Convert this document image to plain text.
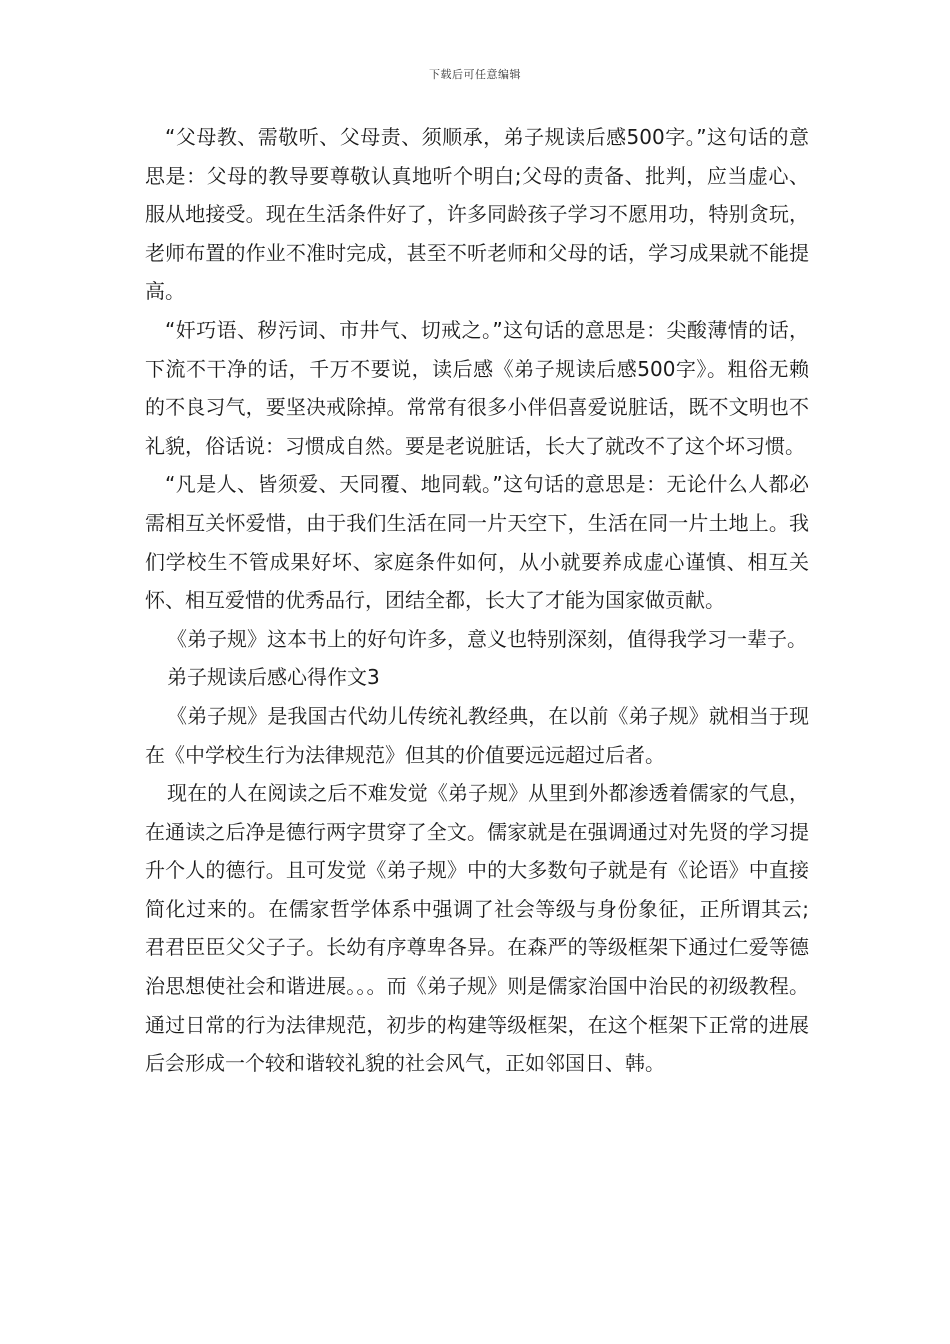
下载后可任意编辑

“父母教、需敬听、父母责、须顺承，弟子规读后感500字。”这句话的意思是：父母的教导要尊敬认真地听个明白;父母的责备、批判，应当虚心、服从地接受。现在生活条件好了，许多同龄孩子学习不愿用功，特别贪玩，老师布置的作业不准时完成，甚至不听老师和父母的话，学习成果就不能提高。

“奸巧语、秽污词、市井气、切戒之。”这句话的意思是：尖酸薄情的话，下流不干净的话，千万不要说，读后感《弟子规读后感500字》。粗俗无赖的不良习气，要坚决戒除掉。常常有很多小伴侣喜爱说脏话，既不文明也不礼貌，俗话说：习惯成自然。要是老说脏话，长大了就改不了这个坏习惯。

“凡是人、皆须爱、天同覆、地同载。”这句话的意思是：无论什么人都必需相互关怀爱惜，由于我们生活在同一片天空下，生活在同一片土地上。我们学校生不管成果好坏、家庭条件如何，从小就要养成虚心谨慎、相互关怀、相互爱惜的优秀品行，团结全都，长大了才能为国家做贡献。

《弟子规》这本书上的好句许多，意义也特别深刻，值得我学习一辈子。

弟子规读后感心得作文3

《弟子规》是我国古代幼儿传统礼教经典，在以前《弟子规》就相当于现在《中学校生行为法律规范》但其的价值要远远超过后者。

现在的人在阅读之后不难发觉《弟子规》从里到外都渗透着儒家的气息，在通读之后净是德行两字贯穿了全文。儒家就是在强调通过对先贤的学习提升个人的德行。且可发觉《弟子规》中的大多数句子就是有《论语》中直接简化过来的。在儒家哲学体系中强调了社会等级与身份象征，正所谓其云;君君臣臣父父子子。长幼有序尊卑各异。在森严的等级框架下通过仁爱等德治思想使社会和谐进展。。。而《弟子规》则是儒家治国中治民的初级教程。通过日常的行为法律规范，初步的构建等级框架，在这个框架下正常的进展后会形成一个较和谐较礼貌的社会风气，正如邻国日、韩。
